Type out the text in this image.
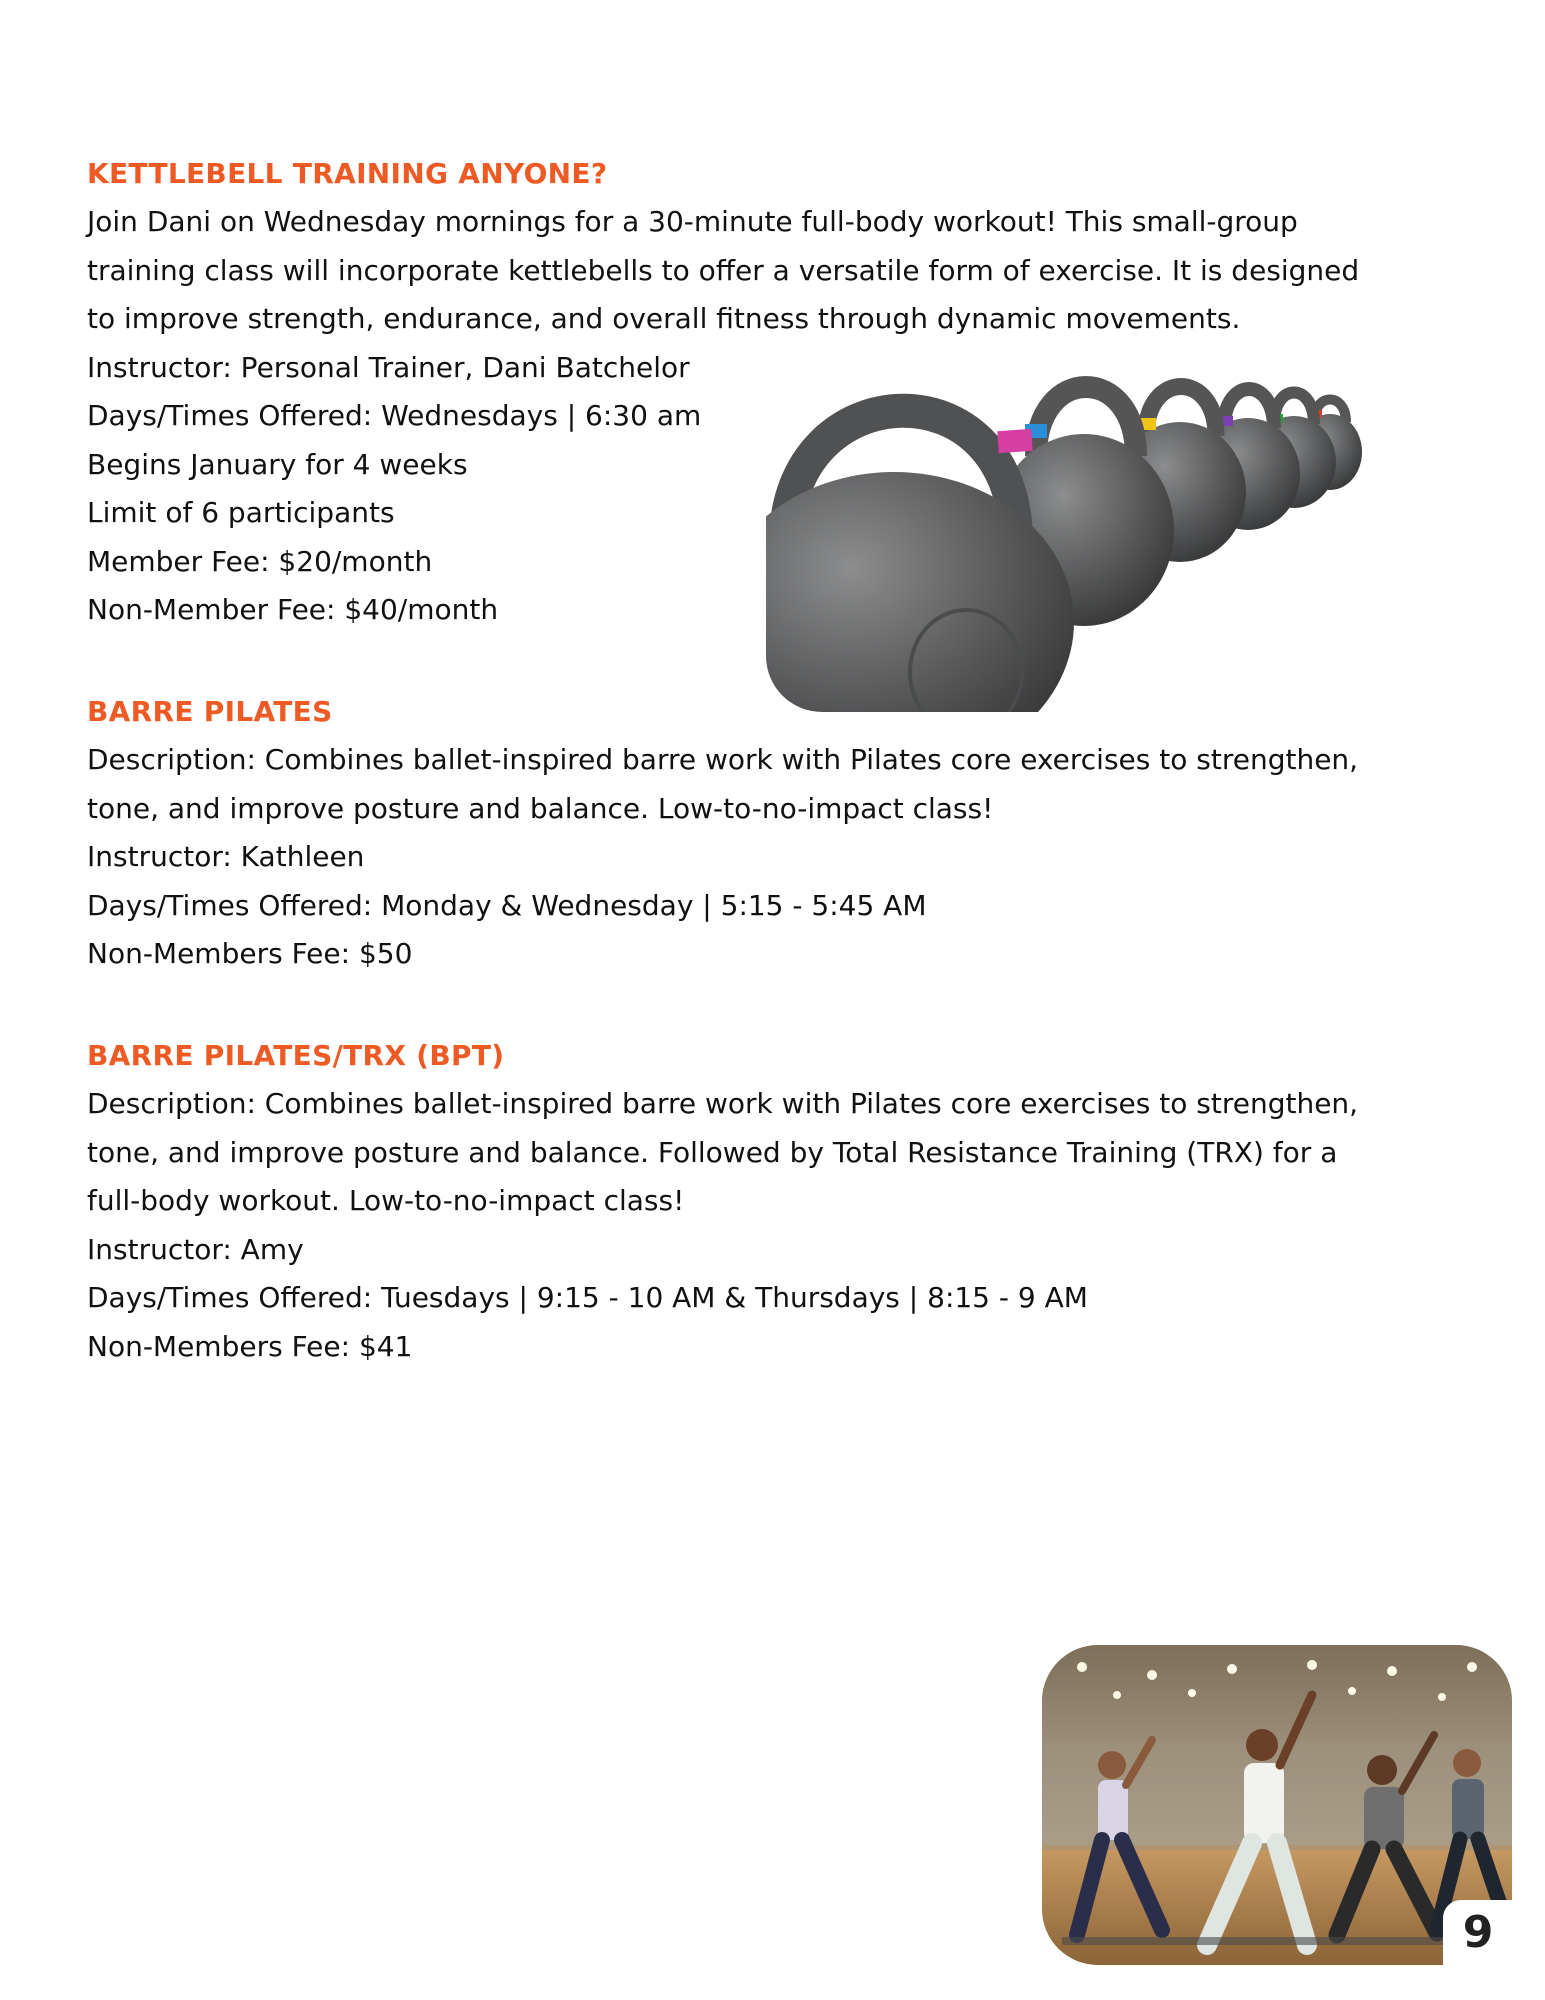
KETTLEBELL TRAINING ANYONE?

Join Dani on Wednesday mornings for a 30-minute full-body workout! This small-group

training class will incorporate kettlebells to offer a versatile form of exercise. It is designed

to improve strength, endurance, and overall fitness through dynamic movements.

Instructor: Personal Trainer, Dani Batchelor

Days/Times Offered: Wednesdays | 6:30 am

Begins January for 4 weeks

Limit of 6 participants

Member Fee: $20/month

Non-Member Fee: $40/month

BARRE PILATES

Description: Combines ballet-inspired barre work with Pilates core exercises to strengthen,

tone, and improve posture and balance. Low-to-no-impact class!

Instructor: Kathleen

Days/Times Offered: Monday & Wednesday | 5:15 - 5:45 AM

Non-Members Fee: $50

BARRE PILATES/TRX (BPT)

Description: Combines ballet-inspired barre work with Pilates core exercises to strengthen,

tone, and improve posture and balance. Followed by Total Resistance Training (TRX) for a

full-body workout. Low-to-no-impact class!

Instructor: Amy

Days/Times Offered: Tuesdays | 9:15 - 10 AM & Thursdays | 8:15 - 9 AM

Non-Members Fee: $41

9
